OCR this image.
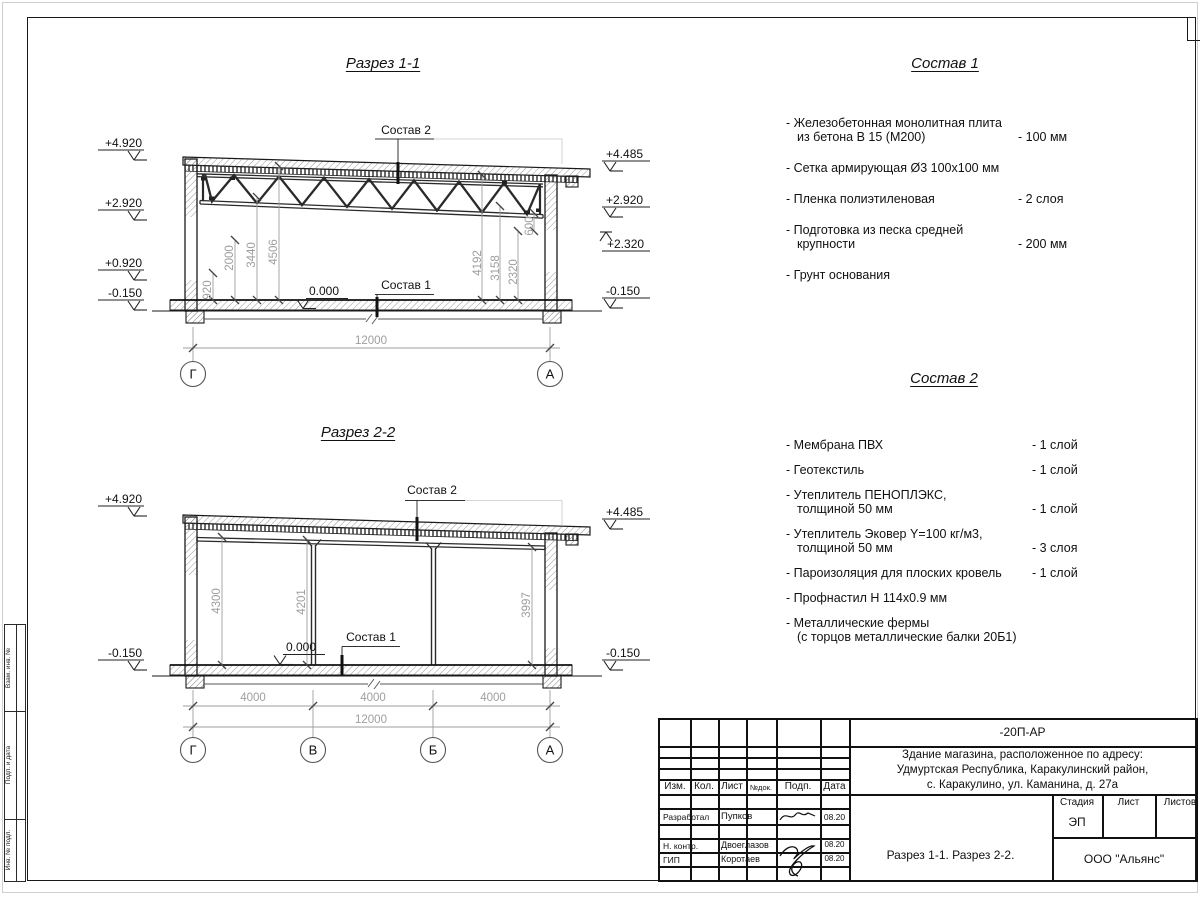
Взам. инв. №
Подп. и дата
Инв. № подл.
Разрез 1-1
Разрез 2-2
Состав 1
Состав 2
920
2000 3440 4506	4192 3158 2320
600
Состав 2
Состав 1
0.000
+4.920
+2.920
+0.920
-0.150
+4.485
+2.920
+2.320
-0.150
12000
Г	А
4300	4201	3997
Состав 2
Состав 1
0.000
+4.920
-0.150
+4.485
-0.150
4000	4000	4000
12000
Г	В	Б	А
- Железобетонная монолитная плита
из бетона В 15 (М200)	- 100 мм
- Сетка армирующая Ø3 100х100 мм
- Пленка полиэтиленовая	- 2 слоя
- Подготовка из песка средней
крупности	- 200 мм
- Грунт основания
- Мембрана ПВХ	- 1 слой
- Геотекстиль	- 1 слой
- Утеплитель ПЕНОПЛЭКС,
толщиной 50 мм	- 1 слой
- Утеплитель Эковер Y=100 кг/м3,
толщиной 50 мм	- 3 слоя
- Пароизоляция для плоских кровель - 1 слой
- Профнастил Н 114х0.9 мм
- Металлические фермы
(с торцов металлические балки 20Б1)
-20П-АР
Здание магазина, расположенное по адресу:
Удмуртская Республика, Каракулинский район,
с. Каракулино, ул. Каманина, д. 27а
Изм. Кол. Лист №док.	Подп.	Дата
Разработал Пупков	08.20
Н. контр.	Двоеглазов	08.20
ГИП	Коротаев	08.20
Стадия	Лист	Листов
ЭП
Разрез 1-1. Разрез 2-2.	ООО "Альянс"
